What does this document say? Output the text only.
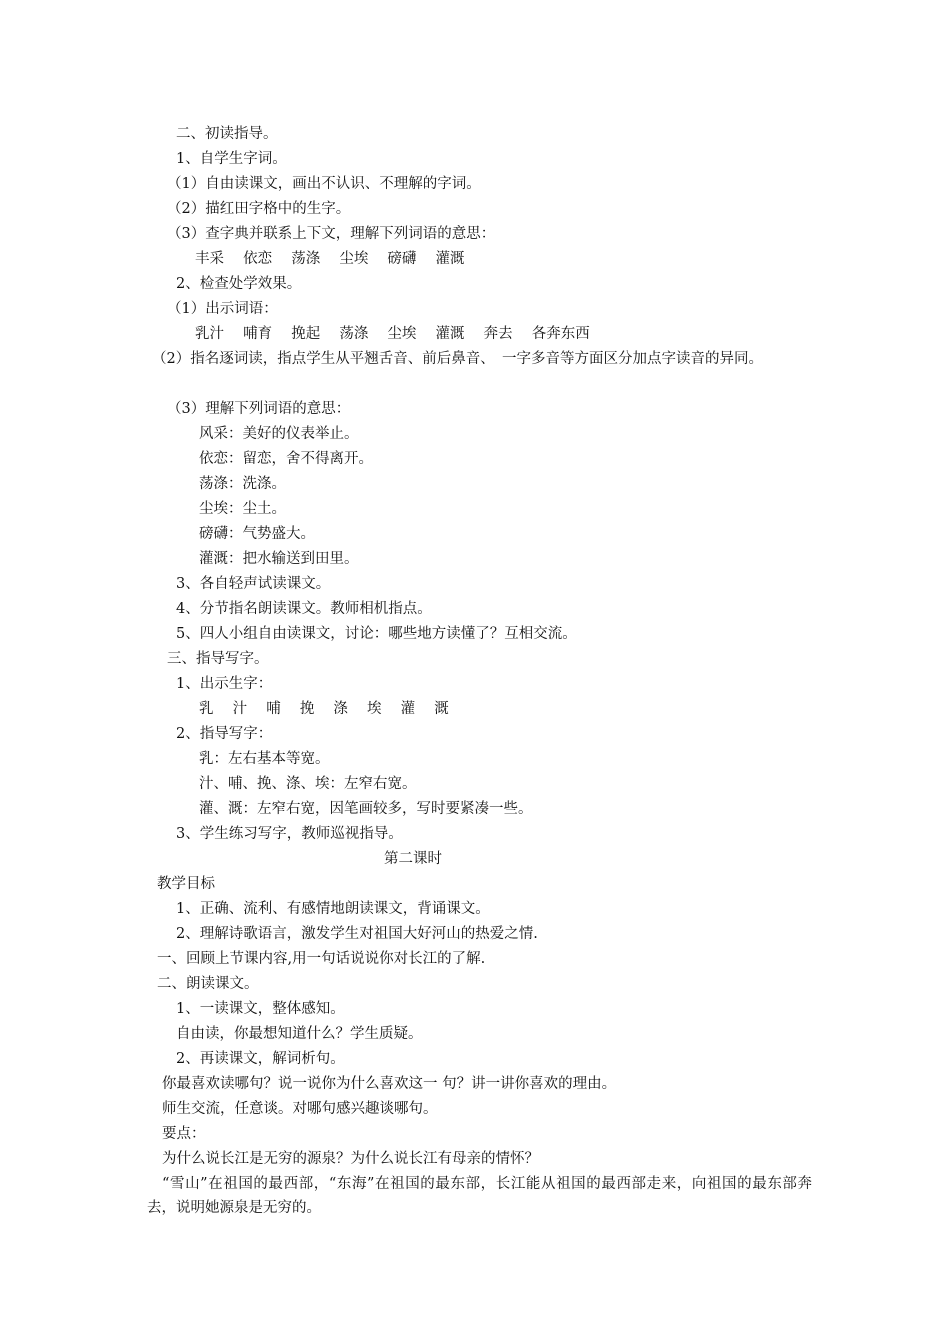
二、初读指导。
1、自学生字词。
（1）自由读课文，画出不认识、不理解的字词。
（2）描红田字格中的生字。
（3）查字典并联系上下文，理解下列词语的意思：
丰采　 依恋　 荡涤　 尘埃　 磅礴　 灌溉
2、检查处学效果。
（1）出示词语：
乳汁　 哺育　 挽起　 荡涤　 尘埃　 灌溉　 奔去　 各奔东西
（2）指名逐词读，指点学生从平翘舌音、前后鼻音、　一字多音等方面区分加点字读音的异同。
（3）理解下列词语的意思：
风采：美好的仪表举止。
依恋：留恋，舍不得离开。
荡涤：洗涤。
尘埃：尘土。
磅礴：气势盛大。
灌溉：把水输送到田里。
3、各自轻声试读课文。
4、分节指名朗读课文。教师相机指点。
5、四人小组自由读课文，讨论：哪些地方读懂了？互相交流。
三、指导写字。
1、出示生字：
乳　 汁　 哺　 挽　 涤　 埃　 灌　 溉
2、指导写字：
乳：左右基本等宽。
汁、哺、挽、涤、埃：左窄右宽。
灌、溉：左窄右宽，因笔画较多，写时要紧凑一些。
3、学生练习写字，教师巡视指导。
第二课时
教学目标
1、正确、流利、有感情地朗读课文，背诵课文。
2、理解诗歌语言，激发学生对祖国大好河山的热爱之情.
一、回顾上节课内容,用一句话说说你对长江的了解.
二、朗读课文。
1、一读课文，整体感知。
自由读，你最想知道什么？学生质疑。
2、再读课文，解词析句。
你最喜欢读哪句？说一说你为什么喜欢这一 句？讲一讲你喜欢的理由。
师生交流，任意谈。对哪句感兴趣谈哪句。
要点：
为什么说长江是无穷的源泉？为什么说长江有母亲的情怀？
“雪山”在祖国的最西部，“东海”在祖国的最东部，长江能从祖国的最西部走来，向祖国的最东部奔去，说明她源泉是无穷的。
